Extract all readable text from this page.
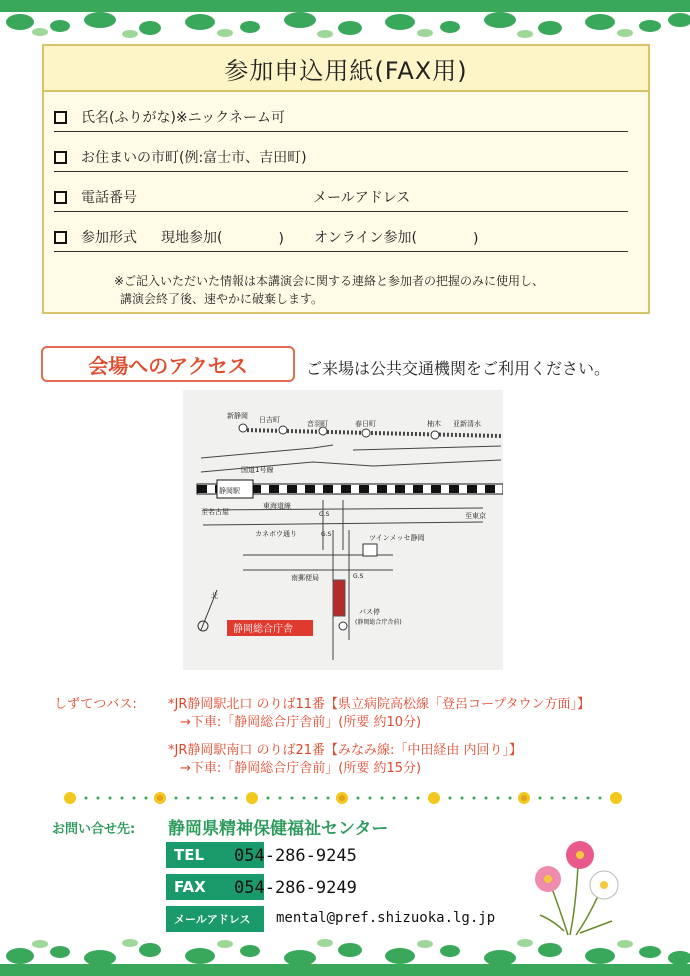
参加申込用紙(FAX用)
氏名(ふりがな)※ニックネーム可
お住まいの市町(例:富士市、吉田町)
電話番号	メールアドレス
参加形式 現地参加(	) オンライン参加(	)
※ご記入いただいた情報は本講演会に関する連絡と参加者の把握のみに使用し、
講演会終了後、速やかに破棄します。
会場へのアクセス	ご来場は公共交通機関をご利用ください。
新静岡 日吉町	音羽町	春日町	柚木 亚新清水
国道1号線
静岡駅
東海道線
至名古屋	至東京
G.S
G.S
G.S
カネボウ通り	ツインメッセ静岡
南郵便局
北
バス停
(静岡総合庁舎前)
静岡総合庁舎
しずてつバス: *JR静岡駅北口 のりば11番【県立病院高松線「登呂コープタウン方面」】
→下車:「静岡総合庁舎前」(所要 約10分)
*JR静岡駅南口 のりば21番【みなみ線:「中田経由 内回り」】
→下車:「静岡総合庁舎前」(所要 約15分)
お問い合せ先: 静岡県精神保健福祉センター
TEL	054-286-9245
FAX	054-286-9249
メールアドレス	mental@pref.shizuoka.lg.jp
